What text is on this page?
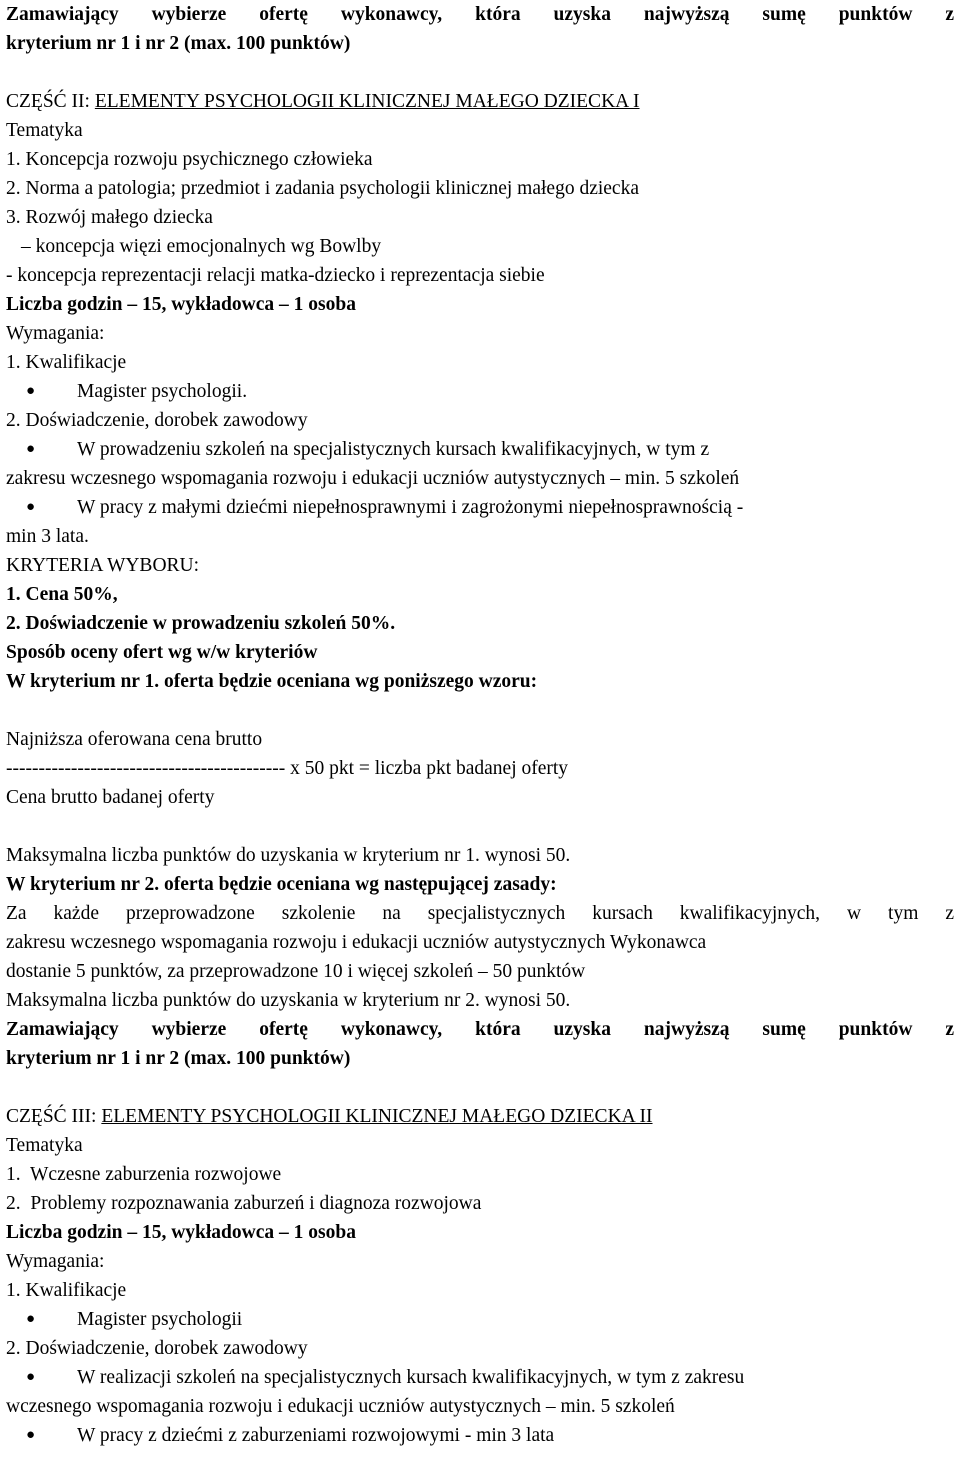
Zamawiający wybierze ofertę wykonawcy, która uzyska najwyższą sumę punktów z
kryterium nr 1 i nr 2 (max. 100 punktów)
CZĘŚĆ II: ELEMENTY PSYCHOLOGII KLINICZNEJ MAŁEGO DZIECKA I
Tematyka
1. Koncepcja rozwoju psychicznego człowieka
2. Norma a patologia; przedmiot i zadania psychologii klinicznej małego dziecka
3. Rozwój małego dziecka
– koncepcja więzi emocjonalnych wg Bowlby
- koncepcja reprezentacji relacji matka-dziecko i reprezentacja siebie
Liczba godzin – 15, wykładowca – 1 osoba
Wymagania:
1. Kwalifikacje
● Magister psychologii.
2. Doświadczenie, dorobek zawodowy
● W prowadzeniu szkoleń na specjalistycznych kursach kwalifikacyjnych, w tym z
zakresu wczesnego wspomagania rozwoju i edukacji uczniów autystycznych – min. 5 szkoleń
● W pracy z małymi dziećmi niepełnosprawnymi i zagrożonymi niepełnosprawnością -
min 3 lata.
KRYTERIA WYBORU:
1. Cena 50%,
2. Doświadczenie w prowadzeniu szkoleń 50%.
Sposób oceny ofert wg w/w kryteriów
W kryterium nr 1. oferta będzie oceniana wg poniższego wzoru:
Najniższa oferowana cena brutto
------------------------------------------- x 50 pkt = liczba pkt badanej oferty
Cena brutto badanej oferty
Maksymalna liczba punktów do uzyskania w kryterium nr 1. wynosi 50.
W kryterium nr 2. oferta będzie oceniana wg następującej zasady:
Za każde przeprowadzone szkolenie na specjalistycznych kursach kwalifikacyjnych, w tym z
zakresu wczesnego wspomagania rozwoju i edukacji uczniów autystycznych Wykonawca
dostanie 5 punktów, za przeprowadzone 10 i więcej szkoleń – 50 punktów
Maksymalna liczba punktów do uzyskania w kryterium nr 2. wynosi 50.
Zamawiający wybierze ofertę wykonawcy, która uzyska najwyższą sumę punktów z
kryterium nr 1 i nr 2 (max. 100 punktów)
CZĘŚĆ III: ELEMENTY PSYCHOLOGII KLINICZNEJ MAŁEGO DZIECKA II
Tematyka
1.  Wczesne zaburzenia rozwojowe
2.  Problemy rozpoznawania zaburzeń i diagnoza rozwojowa
Liczba godzin – 15, wykładowca – 1 osoba
Wymagania:
1. Kwalifikacje
● Magister psychologii
2. Doświadczenie, dorobek zawodowy
● W realizacji szkoleń na specjalistycznych kursach kwalifikacyjnych, w tym z zakresu
wczesnego wspomagania rozwoju i edukacji uczniów autystycznych – min. 5 szkoleń
● W pracy z dziećmi z zaburzeniami rozwojowymi - min 3 lata
